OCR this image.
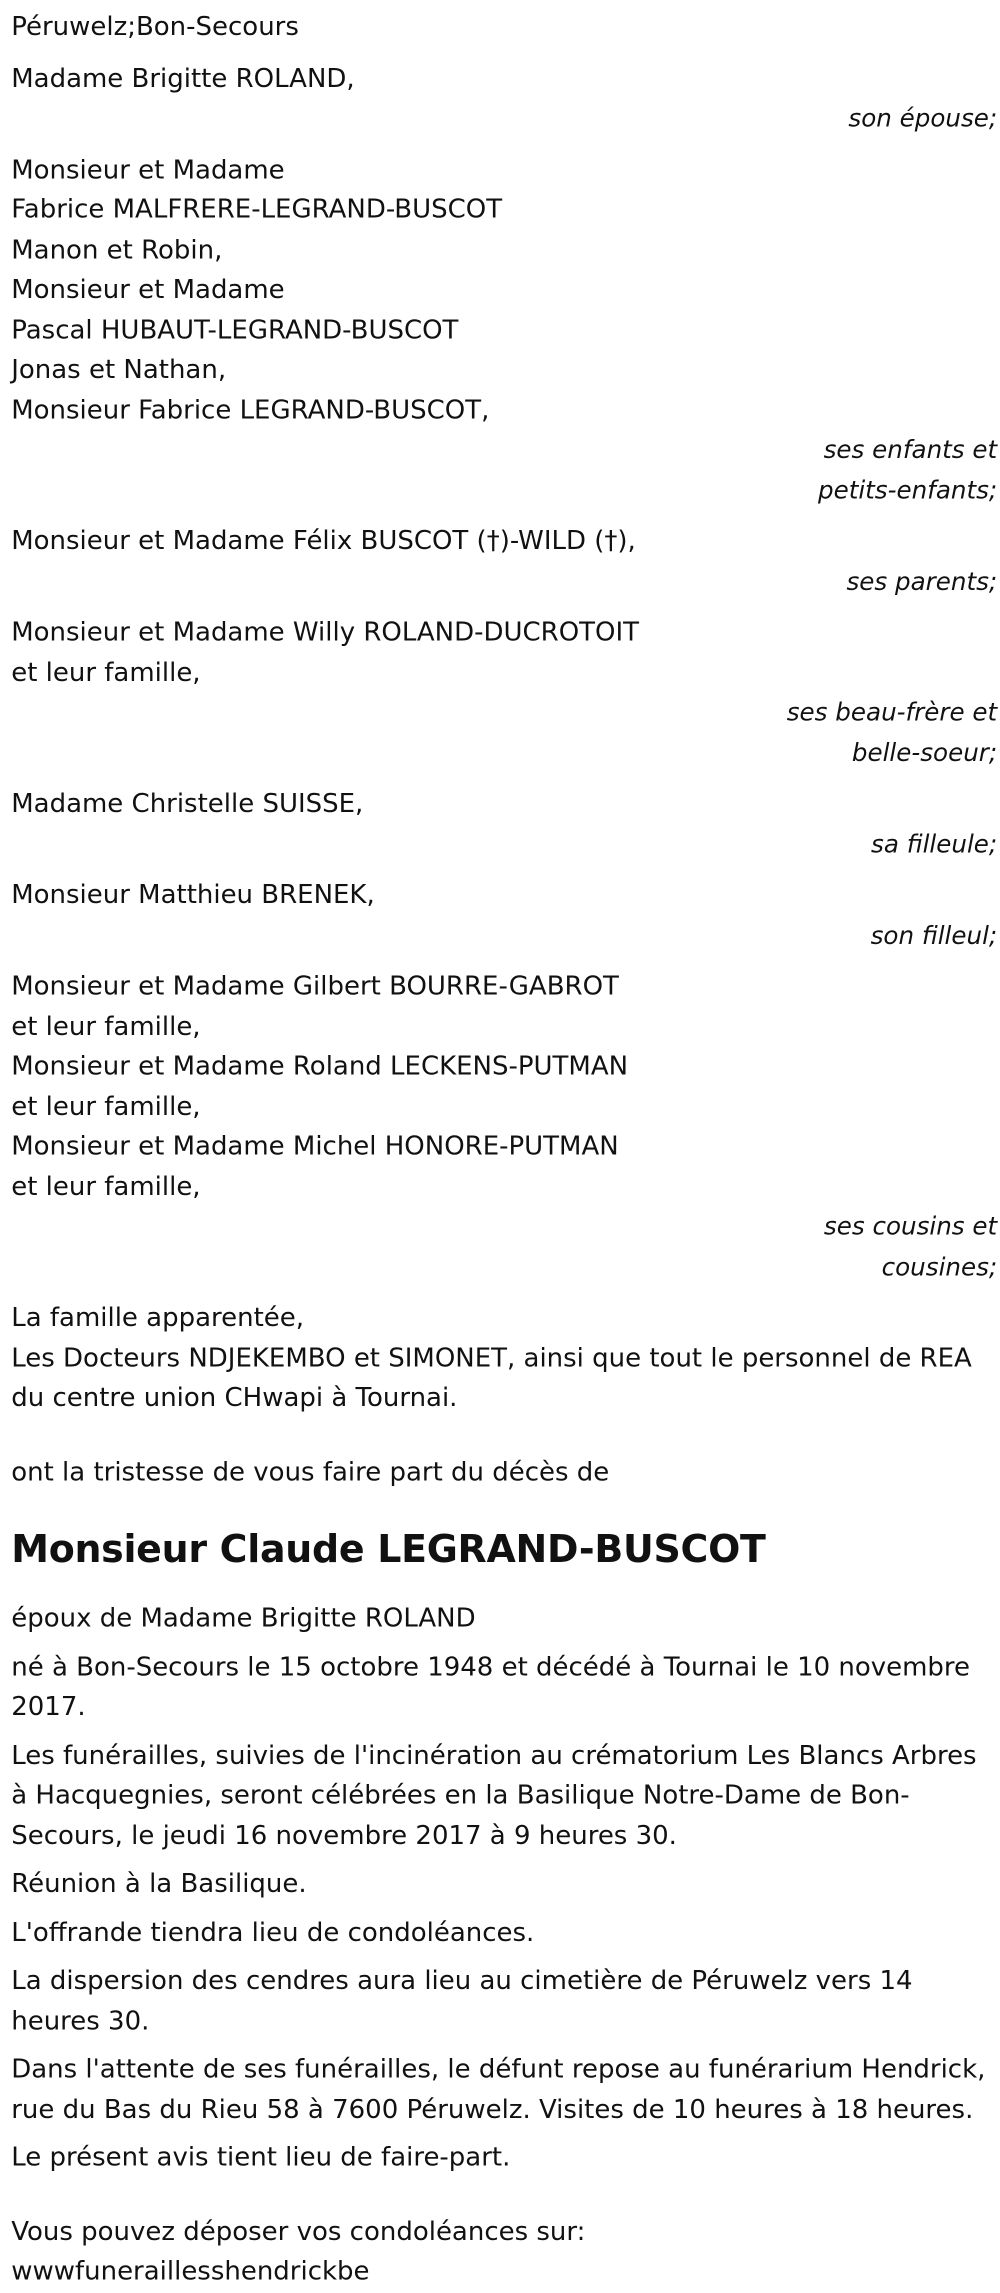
Péruwelz;Bon-Secours
Madame Brigitte ROLAND,
son épouse;
Monsieur et Madame
Fabrice MALFRERE-LEGRAND-BUSCOT
Manon et Robin,
Monsieur et Madame
Pascal HUBAUT-LEGRAND-BUSCOT
Jonas et Nathan,
Monsieur Fabrice LEGRAND-BUSCOT,
ses enfants et
petits-enfants;
Monsieur et Madame Félix BUSCOT (†)-WILD (†),
ses parents;
Monsieur et Madame Willy ROLAND-DUCROTOIT
et leur famille,
ses beau-frère et
belle-soeur;
Madame Christelle SUISSE,
sa filleule;
Monsieur Matthieu BRENEK,
son filleul;
Monsieur et Madame Gilbert BOURRE-GABROT
et leur famille,
Monsieur et Madame Roland LECKENS-PUTMAN
et leur famille,
Monsieur et Madame Michel HONORE-PUTMAN
et leur famille,
ses cousins et
cousines;
La famille apparentée,
Les Docteurs NDJEKEMBO et SIMONET, ainsi que tout le personnel de REA du centre union CHwapi à Tournai.
ont la tristesse de vous faire part du décès de
Monsieur Claude LEGRAND-BUSCOT
époux de Madame Brigitte ROLAND
né à Bon-Secours le 15 octobre 1948 et décédé à Tournai le 10 novembre 2017.
Les funérailles, suivies de l'incinération au crématorium Les Blancs Arbres à Hacquegnies, seront célébrées en la Basilique Notre-Dame de Bon-Secours, le jeudi 16 novembre 2017 à 9 heures 30.
Réunion à la Basilique.
L'offrande tiendra lieu de condoléances.
La dispersion des cendres aura lieu au cimetière de Péruwelz vers 14 heures 30.
Dans l'attente de ses funérailles, le défunt repose au funérarium Hendrick, rue du Bas du Rieu 58 à 7600 Péruwelz. Visites de 10 heures à 18 heures.
Le présent avis tient lieu de faire-part.
Vous pouvez déposer vos condoléances sur:
wwwfuneraillesshendrickbe
